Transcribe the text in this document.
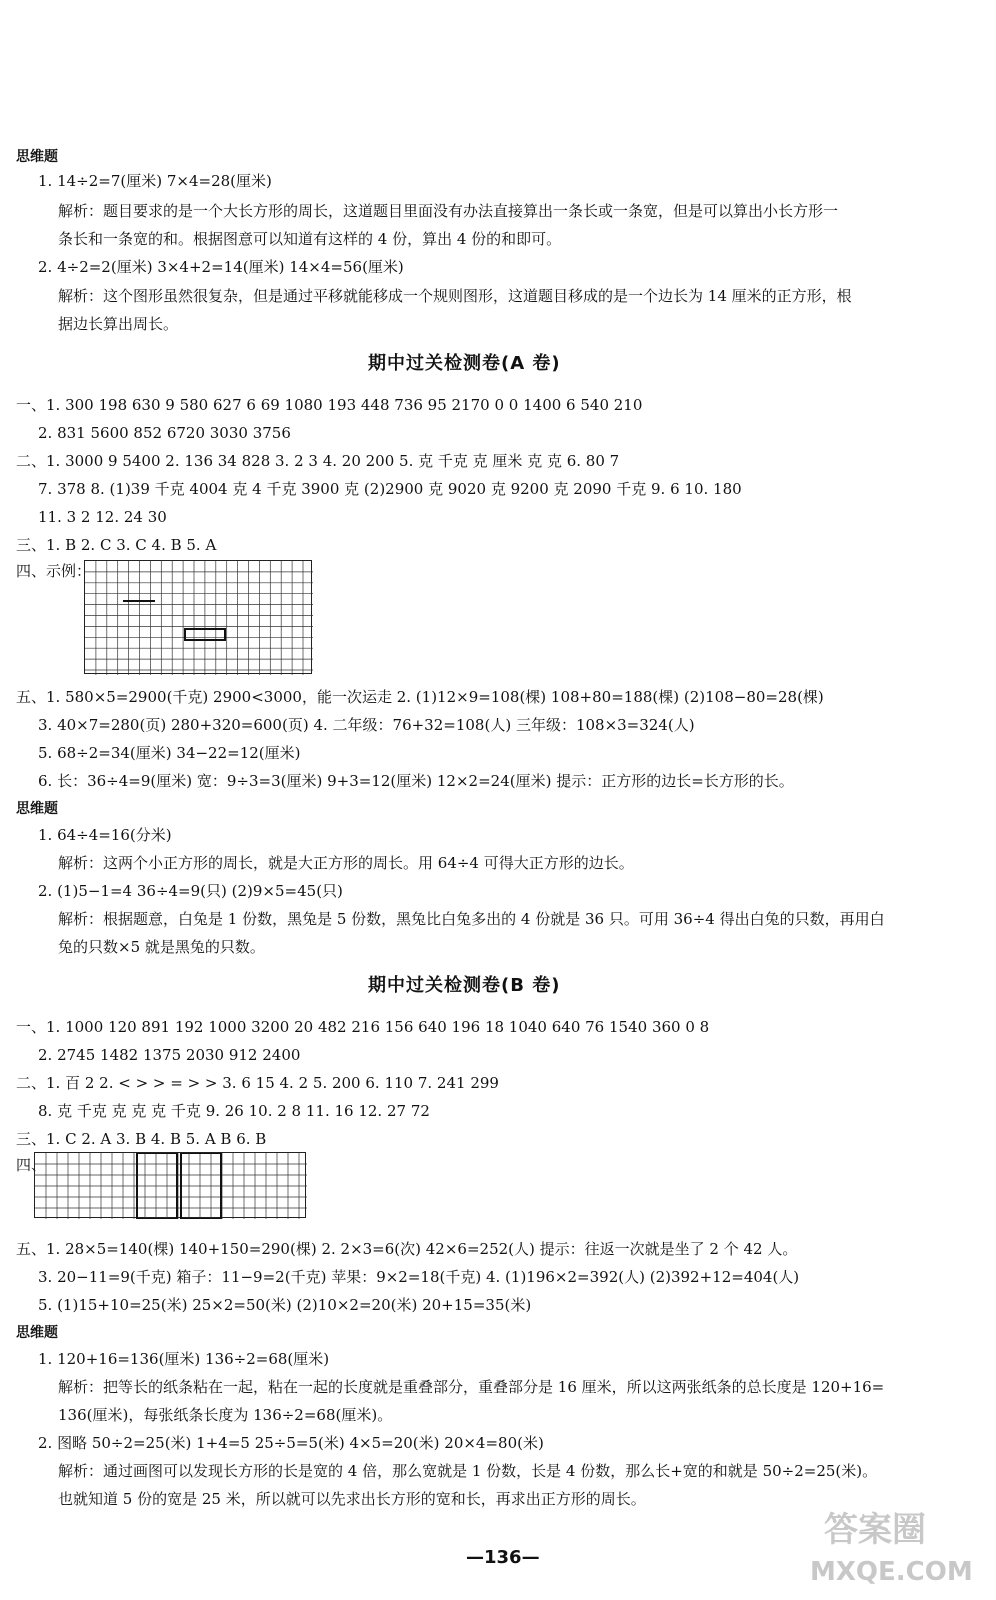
思维题
1. 14÷2=7(厘米) 7×4=28(厘米)
解析：题目要求的是一个大长方形的周长，这道题目里面没有办法直接算出一条长或一条宽，但是可以算出小长方形一
条长和一条宽的和。根据图意可以知道有这样的 4 份，算出 4 份的和即可。
2. 4÷2=2(厘米) 3×4+2=14(厘米) 14×4=56(厘米)
解析：这个图形虽然很复杂，但是通过平移就能移成一个规则图形，这道题目移成的是一个边长为 14 厘米的正方形，根
据边长算出周长。
期中过关检测卷(A 卷)
一、1. 300 198 630 9 580 627 6 69 1080 193 448 736 95 2170 0 0 1400 6 540 210
2. 831 5600 852 6720 3030 3756
二、1. 3000 9 5400 2. 136 34 828 3. 2 3 4. 20 200 5. 克 千克 克 厘米 克 克 6. 80 7
7. 378 8. (1)39 千克 4004 克 4 千克 3900 克 (2)2900 克 9020 克 9200 克 2090 千克 9. 6 10. 180
11. 3 2 12. 24 30
三、1. B 2. C 3. C 4. B 5. A
四、示例：
五、1. 580×5=2900(千克) 2900<3000，能一次运走 2. (1)12×9=108(棵) 108+80=188(棵) (2)108−80=28(棵)
3. 40×7=280(页) 280+320=600(页) 4. 二年级：76+32=108(人) 三年级：108×3=324(人)
5. 68÷2=34(厘米) 34−22=12(厘米)
6. 长：36÷4=9(厘米) 宽：9÷3=3(厘米) 9+3=12(厘米) 12×2=24(厘米) 提示：正方形的边长=长方形的长。
思维题
1. 64÷4=16(分米)
解析：这两个小正方形的周长，就是大正方形的周长。用 64÷4 可得大正方形的边长。
2. (1)5−1=4 36÷4=9(只) (2)9×5=45(只)
解析：根据题意，白兔是 1 份数，黑兔是 5 份数，黑兔比白兔多出的 4 份就是 36 只。可用 36÷4 得出白兔的只数，再用白
兔的只数×5 就是黑兔的只数。
期中过关检测卷(B 卷)
一、1. 1000 120 891 192 1000 3200 20 482 216 156 640 196 18 1040 640 76 1540 360 0 8
2. 2745 1482 1375 2030 912 2400
二、1. 百 2 2. < > > = > > 3. 6 15 4. 2 5. 200 6. 110 7. 241 299
8. 克 千克 克 克 克 千克 9. 26 10. 2 8 11. 16 12. 27 72
三、1. C 2. A 3. B 4. B 5. A B 6. B
四、
五、1. 28×5=140(棵) 140+150=290(棵) 2. 2×3=6(次) 42×6=252(人) 提示：往返一次就是坐了 2 个 42 人。
3. 20−11=9(千克) 箱子：11−9=2(千克) 苹果：9×2=18(千克) 4. (1)196×2=392(人) (2)392+12=404(人)
5. (1)15+10=25(米) 25×2=50(米) (2)10×2=20(米) 20+15=35(米)
思维题
1. 120+16=136(厘米) 136÷2=68(厘米)
解析：把等长的纸条粘在一起，粘在一起的长度就是重叠部分，重叠部分是 16 厘米，所以这两张纸条的总长度是 120+16=
136(厘米)，每张纸条长度为 136÷2=68(厘米)。
2. 图略 50÷2=25(米) 1+4=5 25÷5=5(米) 4×5=20(米) 20×4=80(米)
解析：通过画图可以发现长方形的长是宽的 4 倍，那么宽就是 1 份数，长是 4 份数，那么长+宽的和就是 50÷2=25(米)。
也就知道 5 份的宽是 25 米，所以就可以先求出长方形的宽和长，再求出正方形的周长。
—136—
答案圈
MXQE.COM
